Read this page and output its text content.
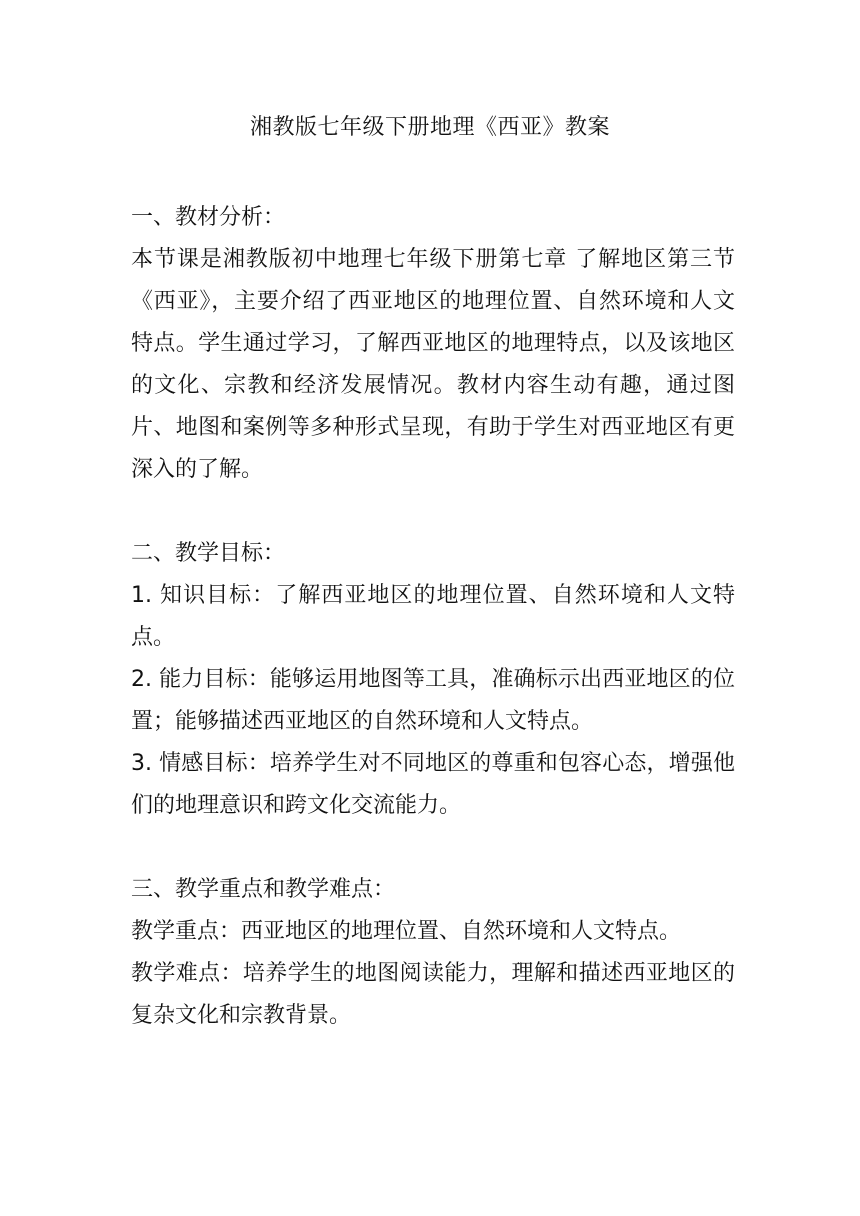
湘教版七年级下册地理《西亚》教案

一、教材分析：

本节课是湘教版初中地理七年级下册第七章 了解地区第三节《西亚》，主要介绍了西亚地区的地理位置、自然环境和人文特点。学生通过学习，了解西亚地区的地理特点，以及该地区的文化、宗教和经济发展情况。教材内容生动有趣，通过图片、地图和案例等多种形式呈现，有助于学生对西亚地区有更深入的了解。

二、教学目标：

1. 知识目标：了解西亚地区的地理位置、自然环境和人文特点。

2. 能力目标：能够运用地图等工具，准确标示出西亚地区的位置；能够描述西亚地区的自然环境和人文特点。

3. 情感目标：培养学生对不同地区的尊重和包容心态，增强他们的地理意识和跨文化交流能力。

三、教学重点和教学难点：

教学重点：西亚地区的地理位置、自然环境和人文特点。

教学难点：培养学生的地图阅读能力，理解和描述西亚地区的复杂文化和宗教背景。
